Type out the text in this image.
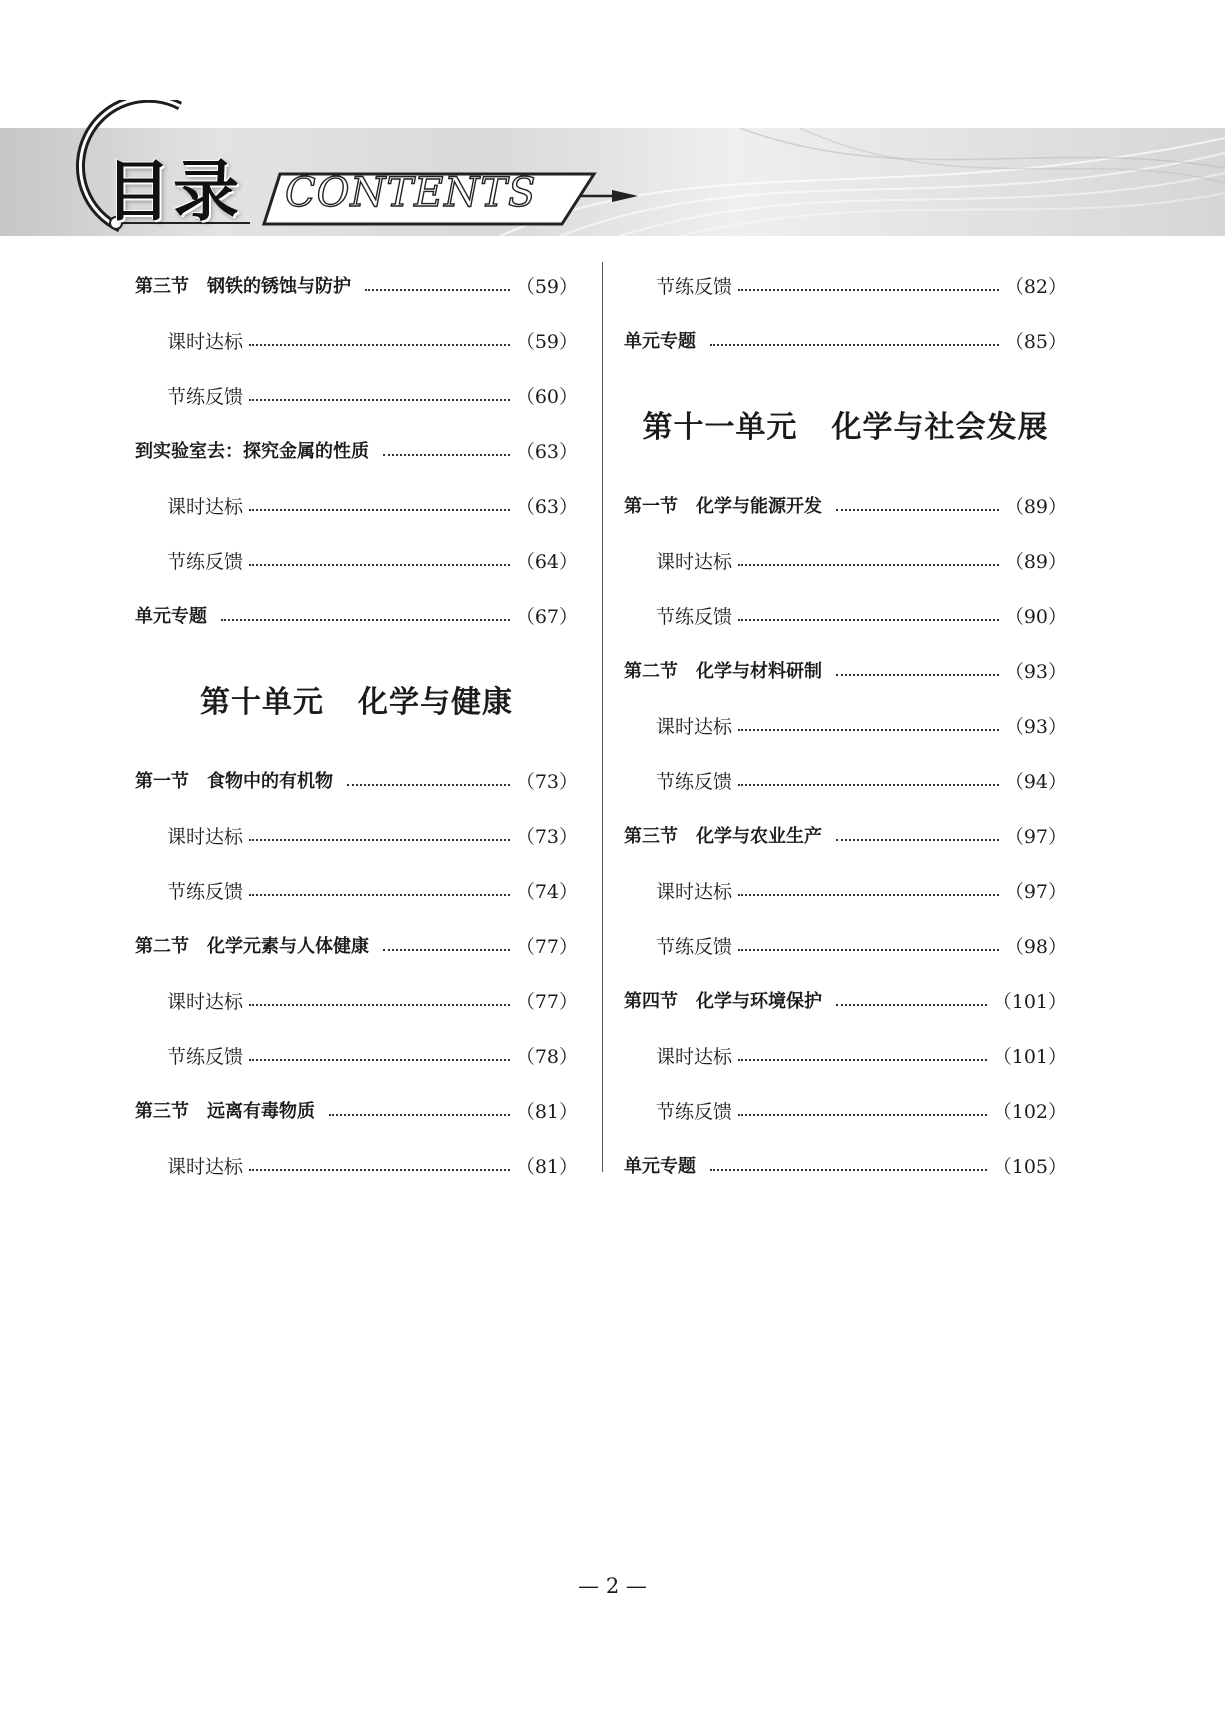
目录 CONTENTS
第三节　钢铁的锈蚀与防护	（59）
课时达标	（59）
节练反馈	（60）
到实验室去：探究金属的性质	（63）
课时达标	（63）
节练反馈	（64）
单元专题	（67）
第十单元 化学与健康
第一节　食物中的有机物	（73）
课时达标	（73）
节练反馈	（74）
第二节　化学元素与人体健康	（77）
课时达标	（77）
节练反馈	（78）
第三节　远离有毒物质	（81）
课时达标	（81）
节练反馈	（82）
单元专题	（85）
第十一单元 化学与社会发展
第一节　化学与能源开发	（89）
课时达标	（89）
节练反馈	（90）
第二节　化学与材料研制	（93）
课时达标	（93）
节练反馈	（94）
第三节　化学与农业生产	（97）
课时达标	（97）
节练反馈	（98）
第四节　化学与环境保护	（101）
课时达标	（101）
节练反馈	（102）
单元专题	（105）
— 2 —
